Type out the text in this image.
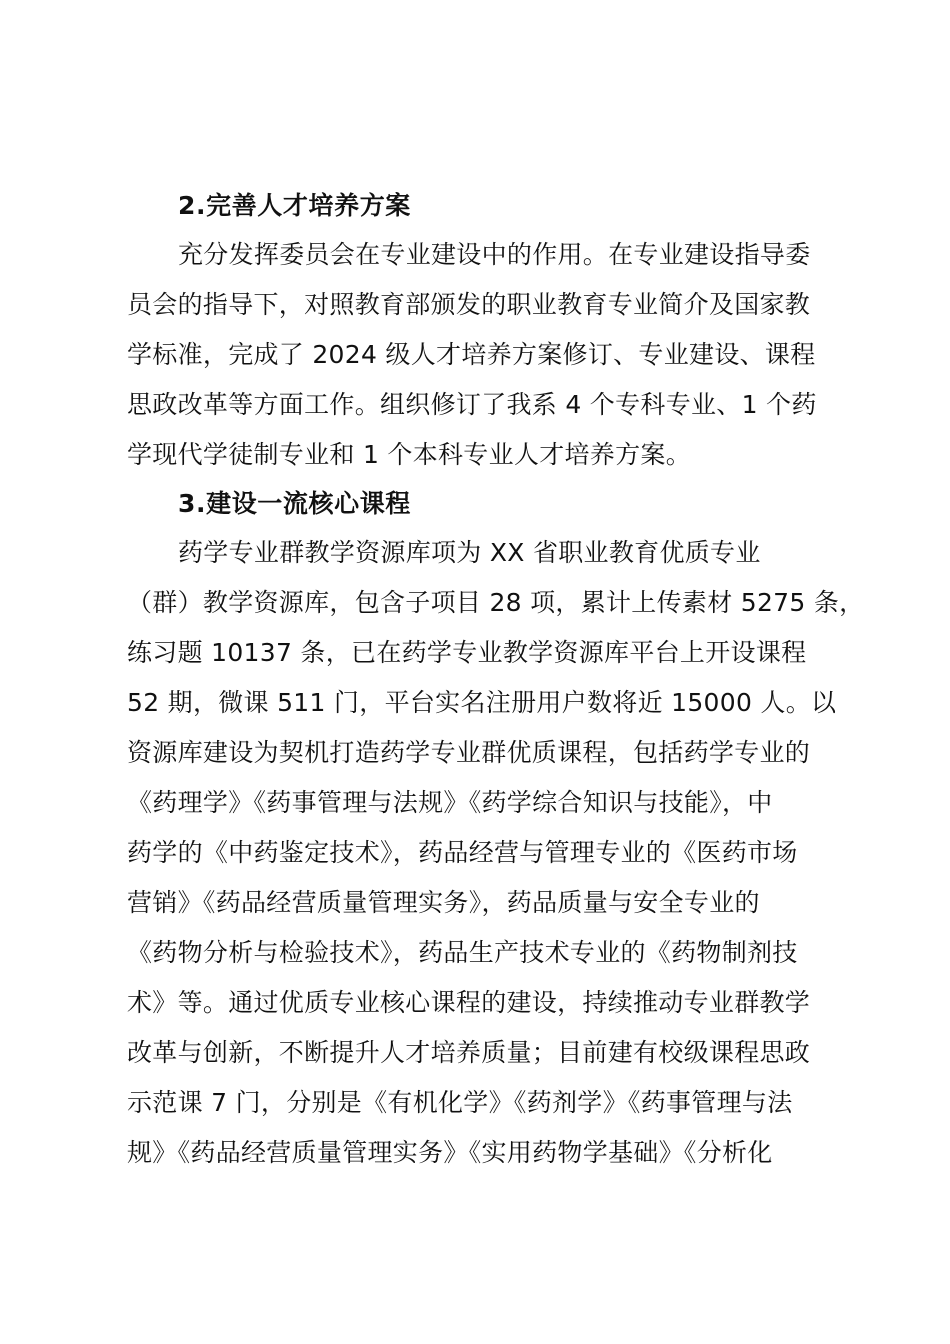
2.完善人才培养方案
充分发挥委员会在专业建设中的作用。在专业建设指导委
员会的指导下，对照教育部颁发的职业教育专业简介及国家教
学标准，完成了 2024 级人才培养方案修订、专业建设、课程
思政改革等方面工作。组织修订了我系 4 个专科专业、1 个药
学现代学徒制专业和 1 个本科专业人才培养方案。
3.建设一流核心课程
药学专业群教学资源库项为 XX 省职业教育优质专业
（群）教学资源库，包含子项目 28 项，累计上传素材 5275 条，
练习题 10137 条，已在药学专业教学资源库平台上开设课程
52 期，微课 511 门，平台实名注册用户数将近 15000 人。以
资源库建设为契机打造药学专业群优质课程，包括药学专业的
《药理学》《药事管理与法规》《药学综合知识与技能》，中
药学的《中药鉴定技术》，药品经营与管理专业的《医药市场
营销》《药品经营质量管理实务》，药品质量与安全专业的
《药物分析与检验技术》，药品生产技术专业的《药物制剂技
术》等。通过优质专业核心课程的建设，持续推动专业群教学
改革与创新，不断提升人才培养质量；目前建有校级课程思政
示范课 7 门，分别是《有机化学》《药剂学》《药事管理与法
规》《药品经营质量管理实务》《实用药物学基础》《分析化
